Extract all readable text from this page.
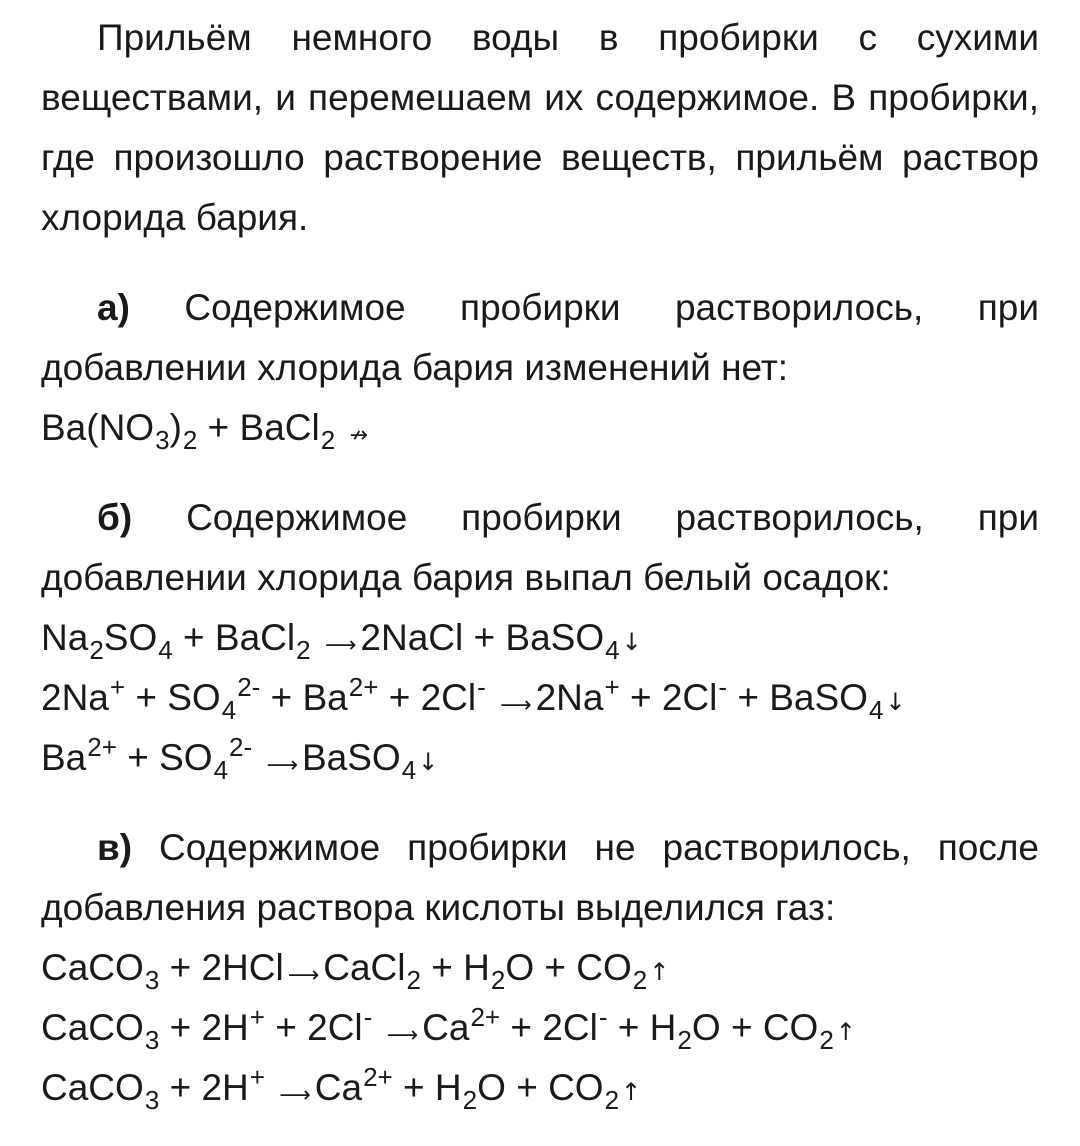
Прильём немного воды в пробирки с сухими веществами, и перемешаем их содержимое. В пробирки, где произошло растворение веществ, прильём раствор хлорида бария.

а) Содержимое пробирки растворилось, при добавлении хлорида бария изменений нет:

$Ba(NO_3)_2$ + BaCl$_2$ ↛

б) Содержимое пробирки растворилось, при добавлении хлорида бария выпал белый осадок:

$Na_2SO_4$ + BaCl$_2$ ⟶ 2NaCl + BaSO$_4$↓

$2Na^+ + SO_4^{2-} + Ba^{2+} + 2Cl^-$ ⟶ 2Na+ + 2Cl- + BaSO$_4$↓

$Ba^{2+} + SO_4^{2-}$ ⟶ BaSO$_4$↓

в) Содержимое пробирки не растворилось, после добавления раствора кислоты выделился газ:

CaCO$_3$ + 2HCl ⟶ CaCl$_2$ + $H_2O$ + $CO_2↑$

CaCO$_3$ + 2H+ + 2Cl- ⟶ $Ca^{2+} + 2Cl^- + H_2O$ + $CO_2↑$

CaCO$_3$ + 2H+ ⟶ $Ca^{2+} + H_2O$ + $CO_2↑$
